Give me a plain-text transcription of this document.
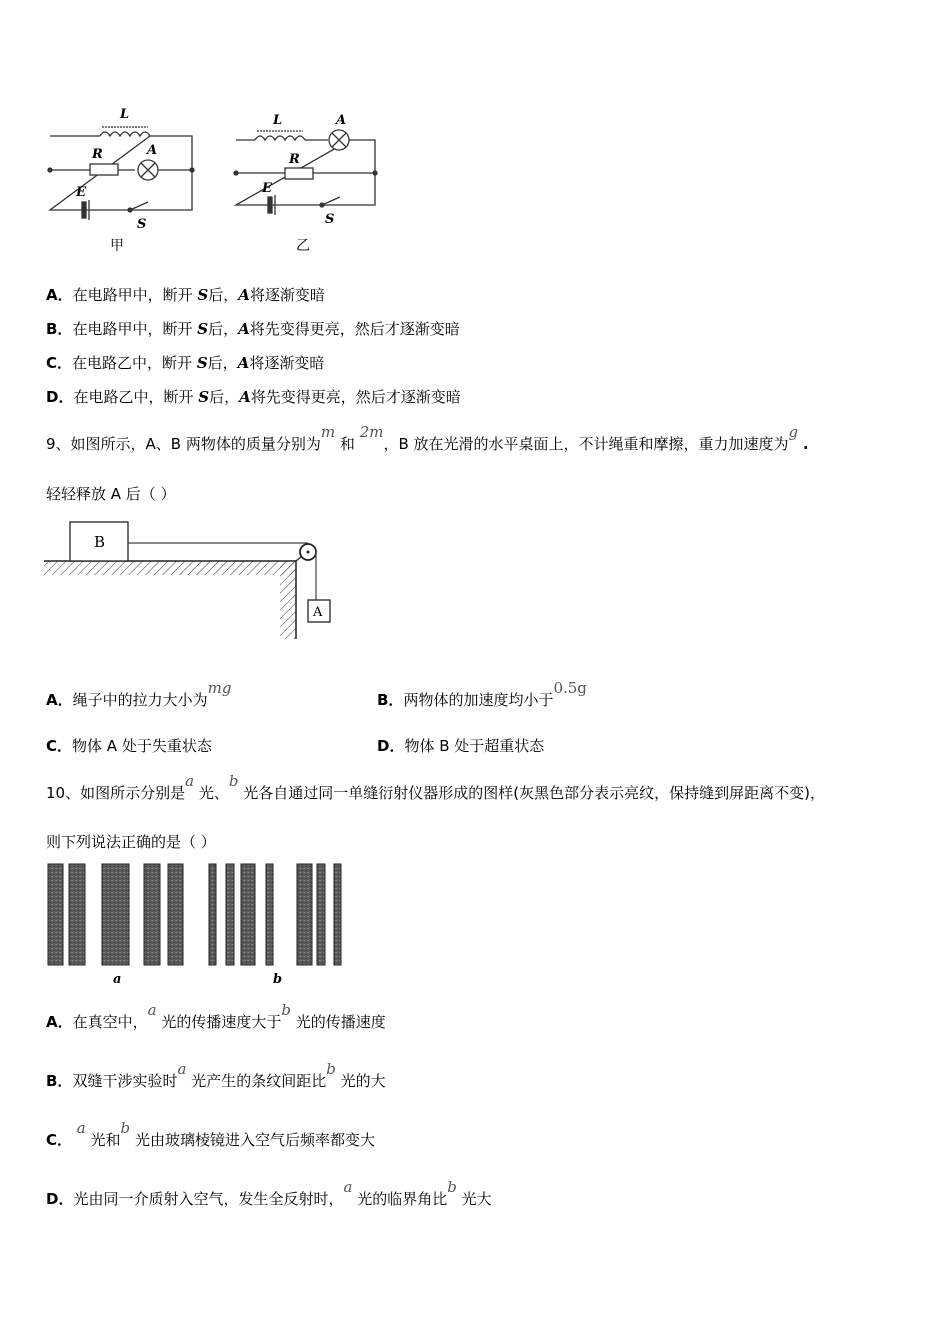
L
R	A
E
S
L	A
R
E
S
甲	乙
A．在电路甲中，断开 S后，A将逐渐变暗
B．在电路甲中，断开 S后，A将先变得更亮，然后才逐渐变暗
C．在电路乙中，断开 S后，A将逐渐变暗
D．在电路乙中，断开 S后，A将先变得更亮，然后才逐渐变暗
9、如图所示，A、B 两物体的质量分别为m 和 2m，B 放在光滑的水平桌面上，不计绳重和摩擦，重力加速度为g .
轻轻释放 A 后（ ）
B
A
A．绳子中的拉力大小为mg
B．两物体的加速度均小于0.5g
C．物体 A 处于失重状态	D．物体 B 处于超重状态
10、如图所示分别是a 光、b 光各自通过同一单缝衍射仪器形成的图样(灰黑色部分表示亮纹，保持缝到屏距离不变)，
则下列说法正确的是（ ）
a	b
A．在真空中，a 光的传播速度大于b 光的传播速度
B．双缝干涉实验时a 光产生的条纹间距比b 光的大
C． a 光和b 光由玻璃棱镜进入空气后频率都变大
D．光由同一介质射入空气，发生全反射时，a 光的临界角比b 光大
